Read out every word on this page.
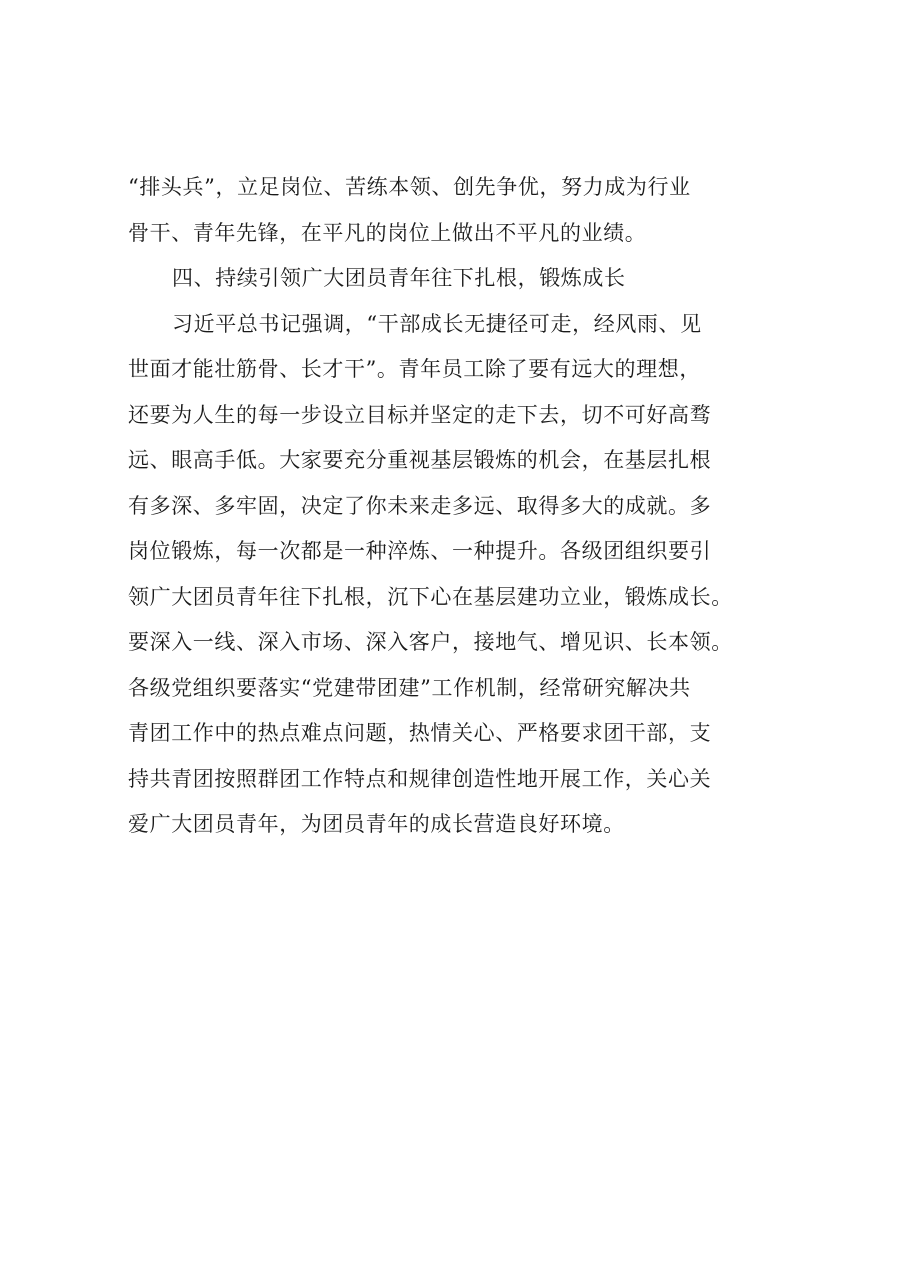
“排头兵”，立足岗位、苦练本领、创先争优，努力成为行业
骨干、青年先锋，在平凡的岗位上做出不平凡的业绩。
四、持续引领广大团员青年往下扎根，锻炼成长
习近平总书记强调，“干部成长无捷径可走，经风雨、见
世面才能壮筋骨、长才干”。青年员工除了要有远大的理想，
还要为人生的每一步设立目标并坚定的走下去，切不可好高骛
远、眼高手低。大家要充分重视基层锻炼的机会，在基层扎根
有多深、多牢固，决定了你未来走多远、取得多大的成就。多
岗位锻炼，每一次都是一种淬炼、一种提升。各级团组织要引
领广大团员青年往下扎根，沉下心在基层建功立业，锻炼成长。
要深入一线、深入市场、深入客户，接地气、增见识、长本领。
各级党组织要落实“党建带团建”工作机制，经常研究解决共
青团工作中的热点难点问题，热情关心、严格要求团干部，支
持共青团按照群团工作特点和规律创造性地开展工作，关心关
爱广大团员青年，为团员青年的成长营造良好环境。
